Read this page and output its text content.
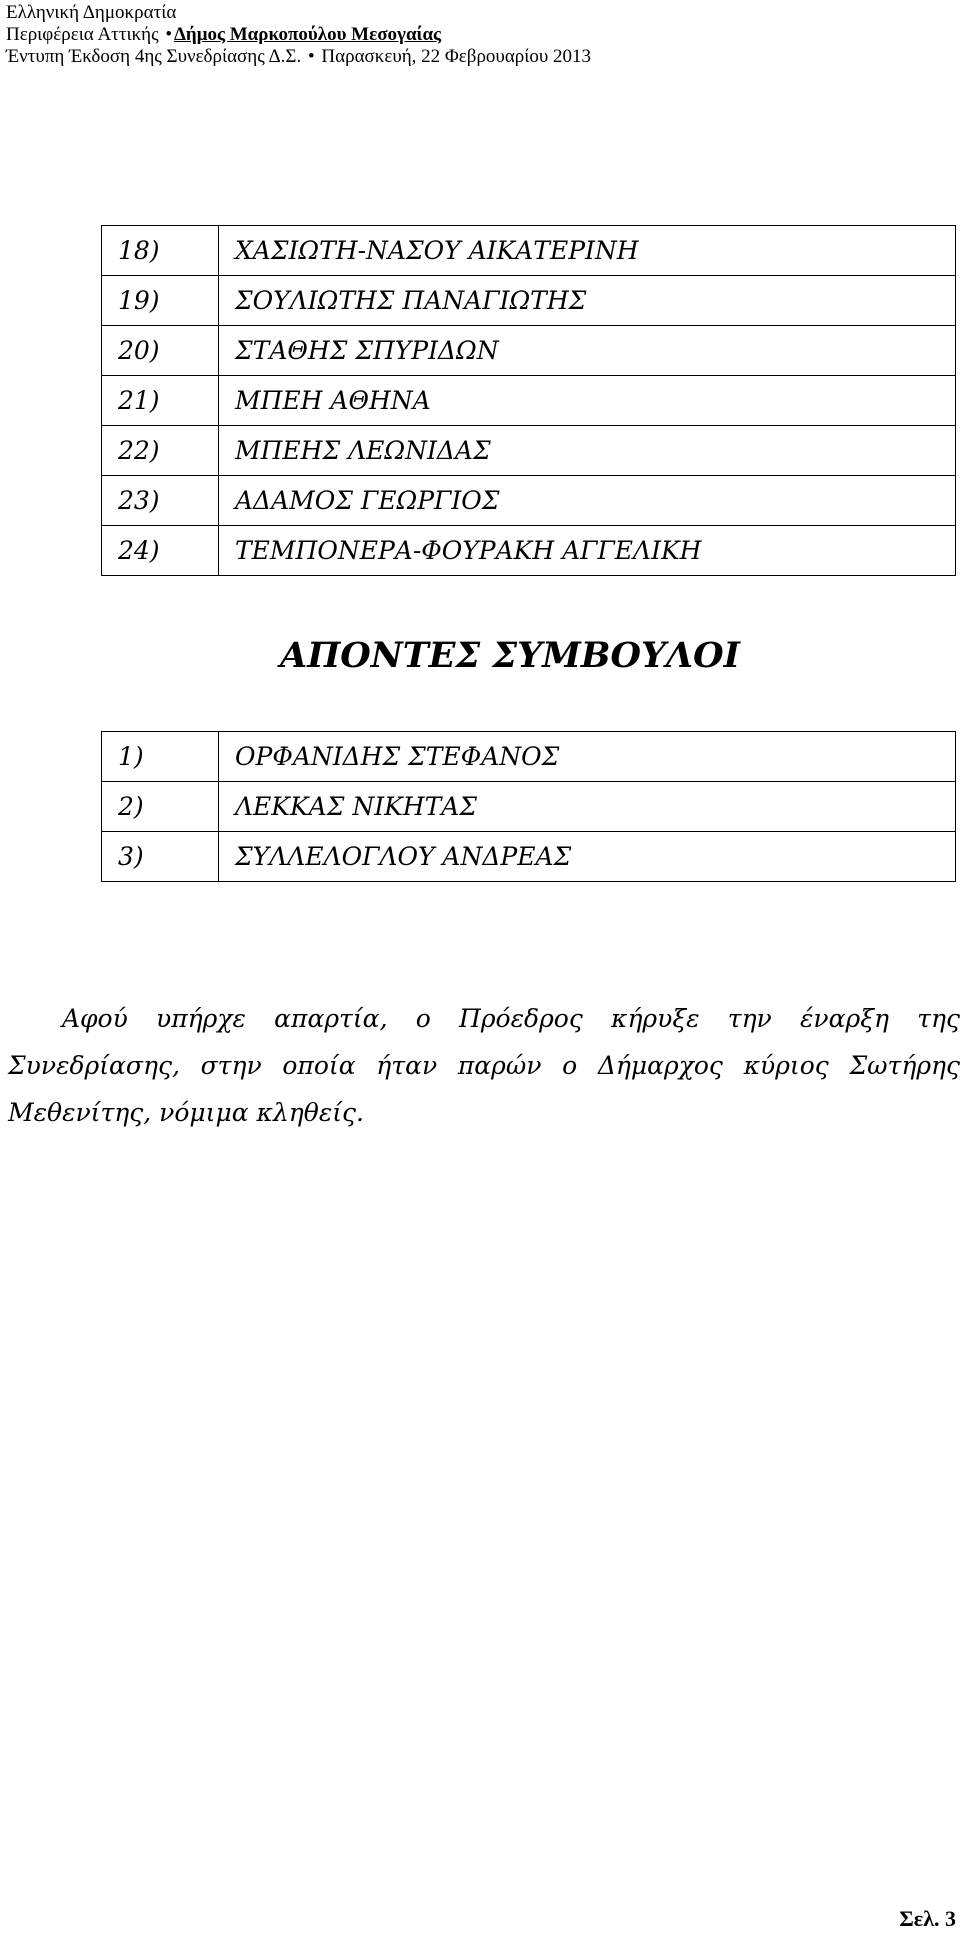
Ελληνική Δημοκρατία
Περιφέρεια Αττικής • Δήμος Μαρκοπούλου Μεσογαίας
Έντυπη Έκδοση 4ης Συνεδρίασης Δ.Σ. • Παρασκευή, 22 Φεβρουαρίου 2013
18)	ΧΑΣΙΩΤΗ-ΝΑΣΟΥ ΑΙΚΑΤΕΡΙΝΗ
19)	ΣΟΥΛΙΩΤΗΣ ΠΑΝΑΓΙΩΤΗΣ
20)	ΣΤΑΘΗΣ ΣΠΥΡΙΔΩΝ
21)	ΜΠΕΗ ΑΘΗΝΑ
22)	ΜΠΕΗΣ ΛΕΩΝΙΔΑΣ
23)	ΑΔΑΜΟΣ ΓΕΩΡΓΙΟΣ
24)	ΤΕΜΠΟΝΕΡΑ-ΦΟΥΡΑΚΗ ΑΓΓΕΛΙΚΗ
ΑΠΟΝΤΕΣ ΣΥΜΒΟΥΛΟΙ
1)	ΟΡΦΑΝΙΔΗΣ ΣΤΕΦΑΝΟΣ
2)	ΛΕΚΚΑΣ ΝΙΚΗΤΑΣ
3)	ΣΥΛΛΕΛΟΓΛΟΥ ΑΝΔΡΕΑΣ
Αφού υπήρχε απαρτία, ο Πρόεδρος κήρυξε την έναρξη της
Συνεδρίασης, στην οποία ήταν παρών ο Δήμαρχος κύριος Σωτήρης
Μεθενίτης, νόμιμα κληθείς.
Σελ. 3
